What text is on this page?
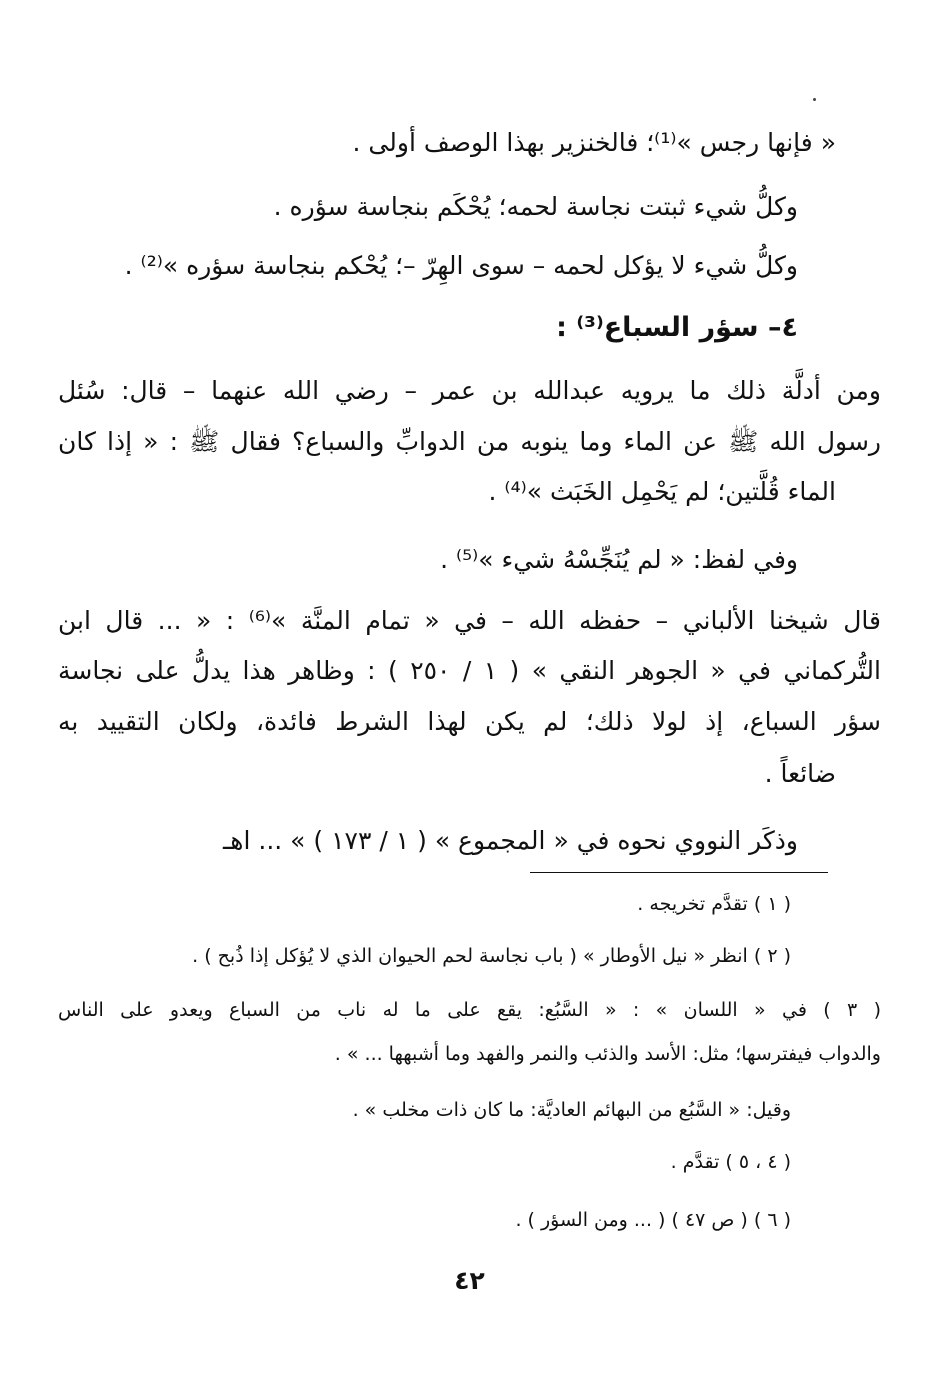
« فإنها رجس »⁽¹⁾؛ فالخنزير بهذا الوصف أولى .
وكلُّ شيء ثبتت نجاسة لحمه؛ يُحْكَم بنجاسة سؤره .
وكلُّ شيء لا يؤكل لحمه – سوى الهِرّ –؛ يُحْكم بنجاسة سؤره »⁽²⁾ .
٤– سؤر السباع⁽³⁾ :
ومن أدلَّة ذلك ما يرويه عبدالله بن عمر – رضي الله عنهما – قال: سُئل
رسول الله ﷺ عن الماء وما ينوبه من الدوابِّ والسباع؟ فقال ﷺ : « إذا كان
الماء قُلَّتين؛ لم يَحْمِل الخَبَث »⁽⁴⁾ .
وفي لفظ: « لم يُنَجِّسْهُ شيء »⁽⁵⁾ .
قال شيخنا الألباني – حفظه الله – في « تمام المنَّة »⁽⁶⁾ : « ... قال ابن
التُّركماني في « الجوهر النقي » ( ١ / ٢٥٠ ) : وظاهر هذا يدلُّ على نجاسة
سؤر السباع، إذ لولا ذلك؛ لم يكن لهذا الشرط فائدة، ولكان التقييد به
ضائعاً .
وذكَر النووي نحوه في « المجموع » ( ١ / ١٧٣ ) » ... اهـ
( ١ ) تقدَّم تخريجه .
( ٢ ) انظر « نيل الأوطار » ( باب نجاسة لحم الحيوان الذي لا يُؤكل إذا ذُبح ) .
( ٣ ) في « اللسان » : « السَّبُع: يقع على ما له ناب من السباع ويعدو على الناس
والدواب فيفترسها؛ مثل: الأسد والذئب والنمر والفهد وما أشبهها ... » .
وقيل: « السَّبُع من البهائم العاديَّة: ما كان ذات مخلب » .
( ٤ ، ٥ ) تقدَّم .
( ٦ ) ( ص ٤٧ ) ( ... ومن السؤر ) .
٤٢
